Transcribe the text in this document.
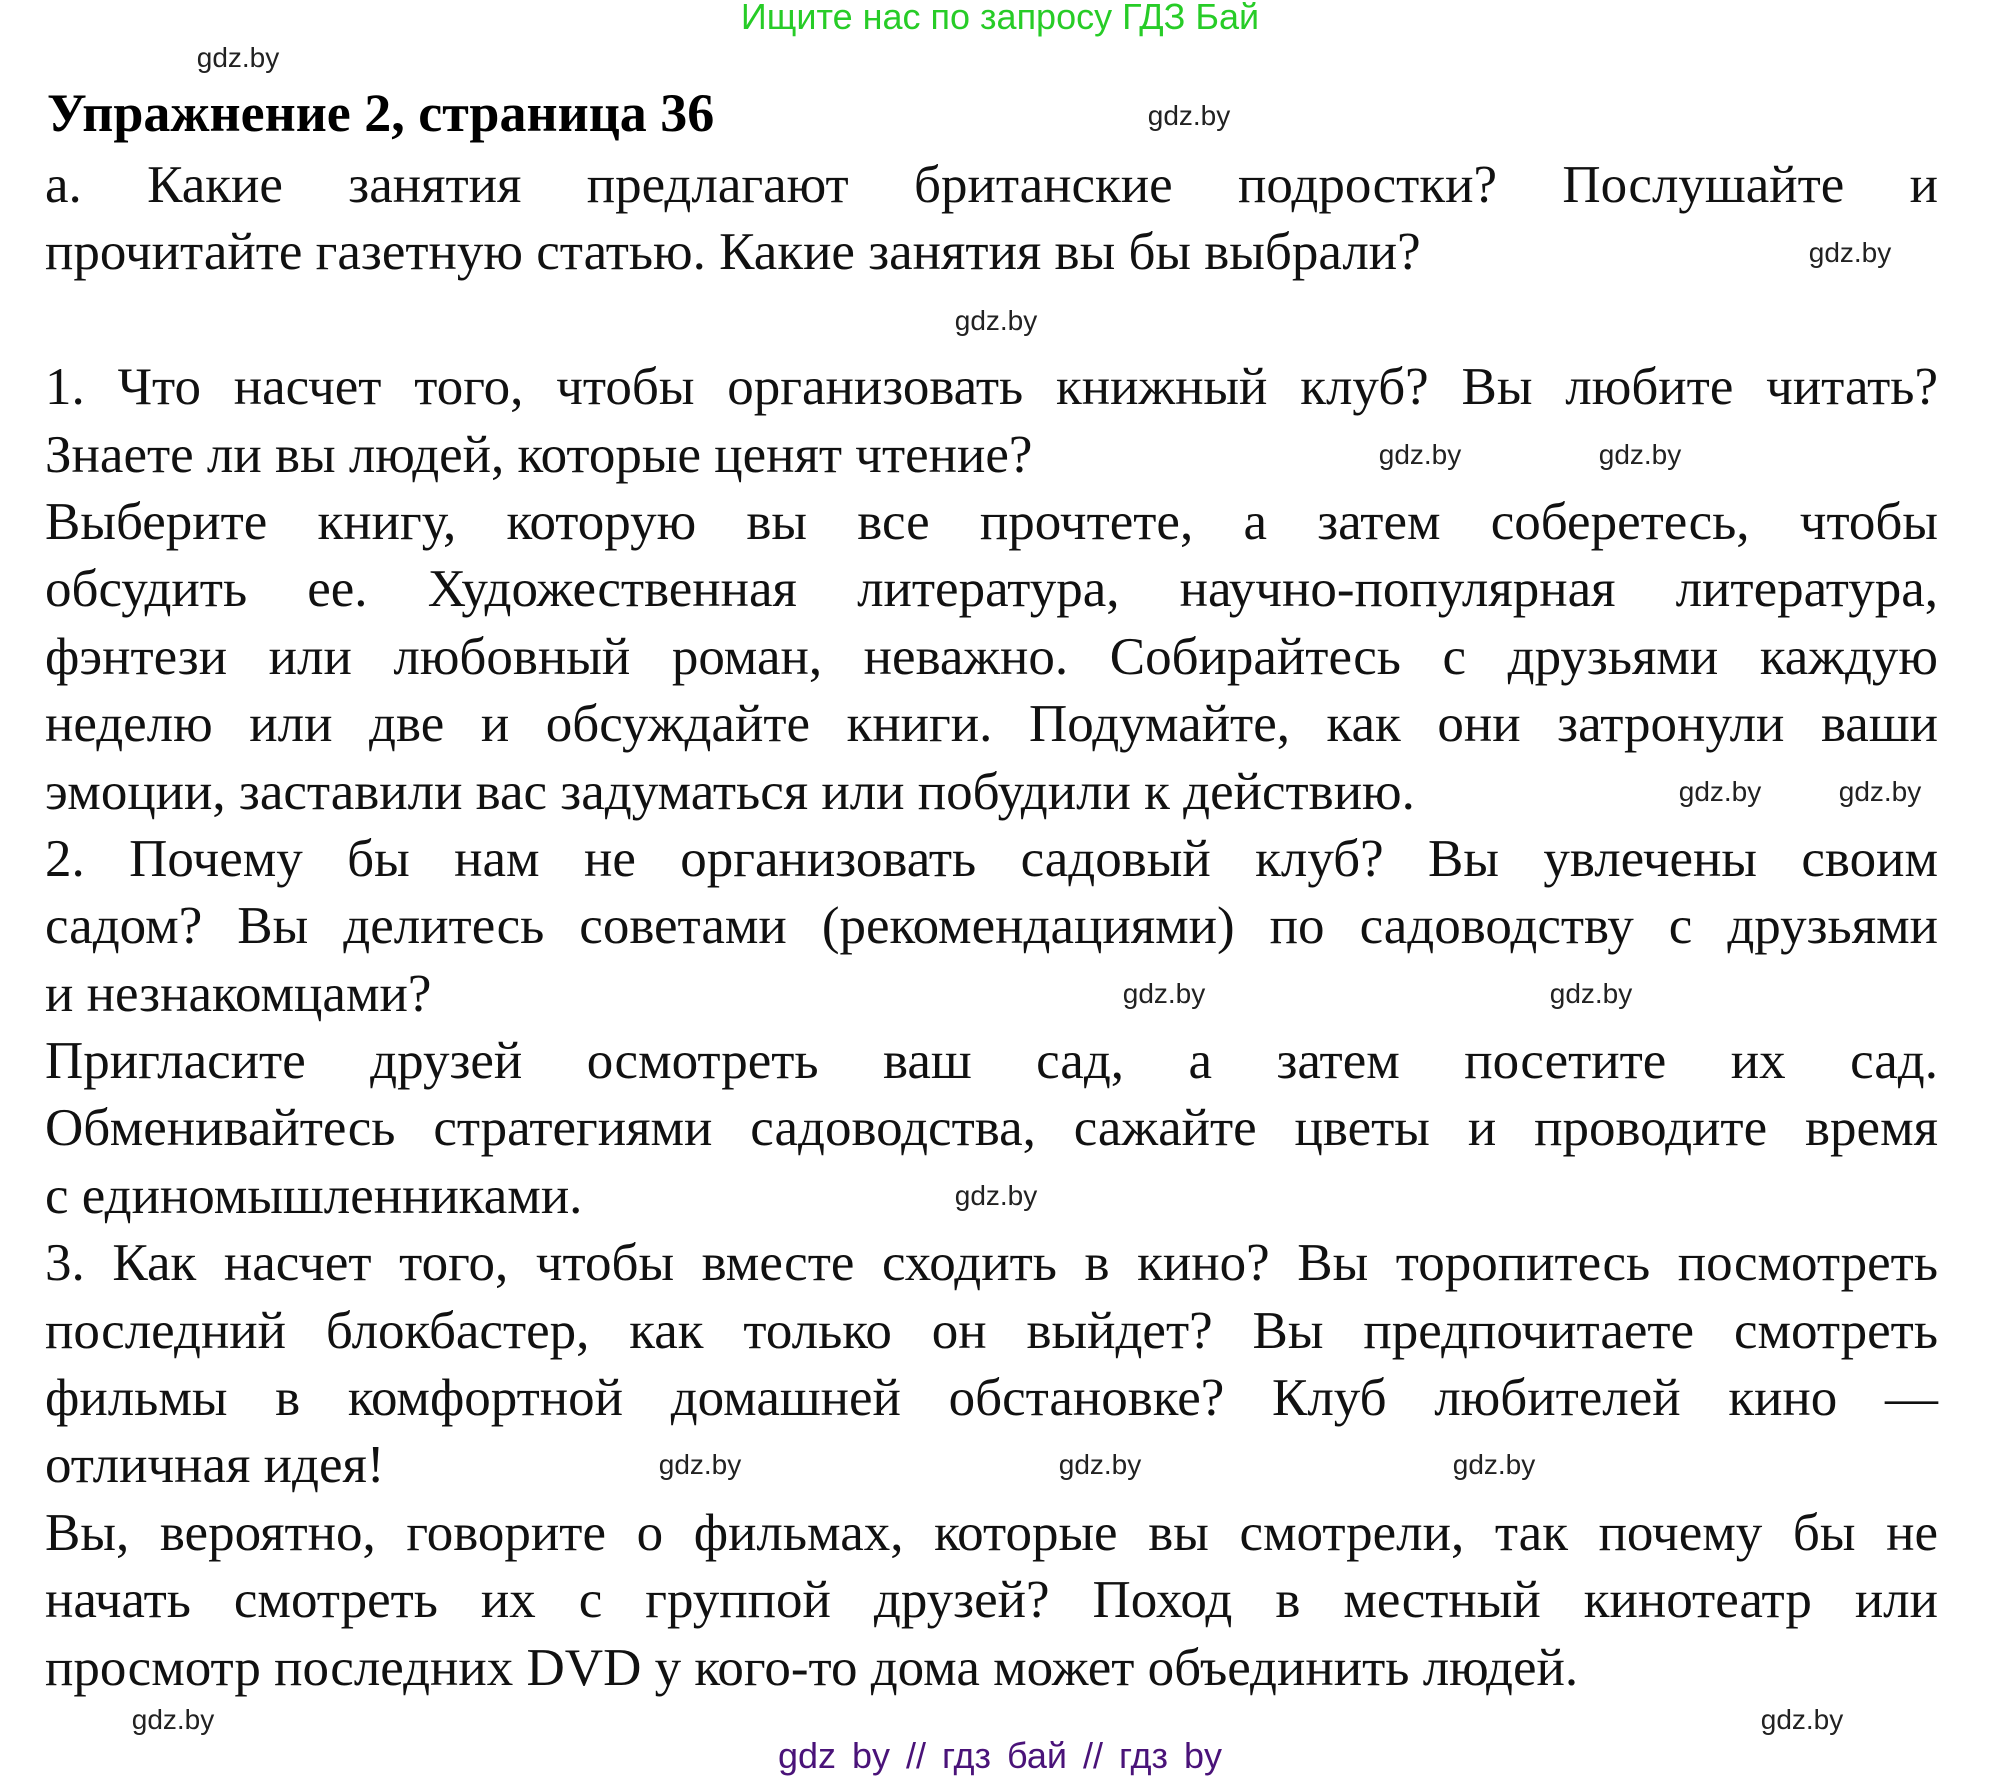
Ищите нас по запросу ГДЗ Бай
Упражнение 2, страница 36
а. Какие занятия предлагают британские подростки? Послушайте и
прочитайте газетную статью. Какие занятия вы бы выбрали?
1. Что насчет того, чтобы организовать книжный клуб? Вы любите читать?
Знаете ли вы людей, которые ценят чтение?
Выберите книгу, которую вы все прочтете, а затем соберетесь, чтобы
обсудить ее. Художественная литература, научно-популярная литература,
фэнтези или любовный роман, неважно. Собирайтесь с друзьями каждую
неделю или две и обсуждайте книги. Подумайте, как они затронули ваши
эмоции, заставили вас задуматься или побудили к действию.
2. Почему бы нам не организовать садовый клуб? Вы увлечены своим
садом? Вы делитесь советами (рекомендациями) по садоводству с друзьями
и незнакомцами?
Пригласите друзей осмотреть ваш сад, а затем посетите их сад.
Обменивайтесь стратегиями садоводства, сажайте цветы и проводите время
с единомышленниками.
3. Как насчет того, чтобы вместе сходить в кино? Вы торопитесь посмотреть
последний блокбастер, как только он выйдет? Вы предпочитаете смотреть
фильмы в комфортной домашней обстановке? Клуб любителей кино —
отличная идея!
Вы, вероятно, говорите о фильмах, которые вы смотрели, так почему бы не
начать смотреть их с группой друзей? Поход в местный кинотеатр или
просмотр последних DVD у кого-то дома может объединить людей.
gdz.by
gdz.by
gdz.by
gdz.by
gdz.by	gdz.by
gdz.by	gdz.by
gdz.by	gdz.by
gdz.by
gdz.by	gdz.by
gdz.by
gdz.by
gdz.by
gdz by // гдз бай // гдз by
